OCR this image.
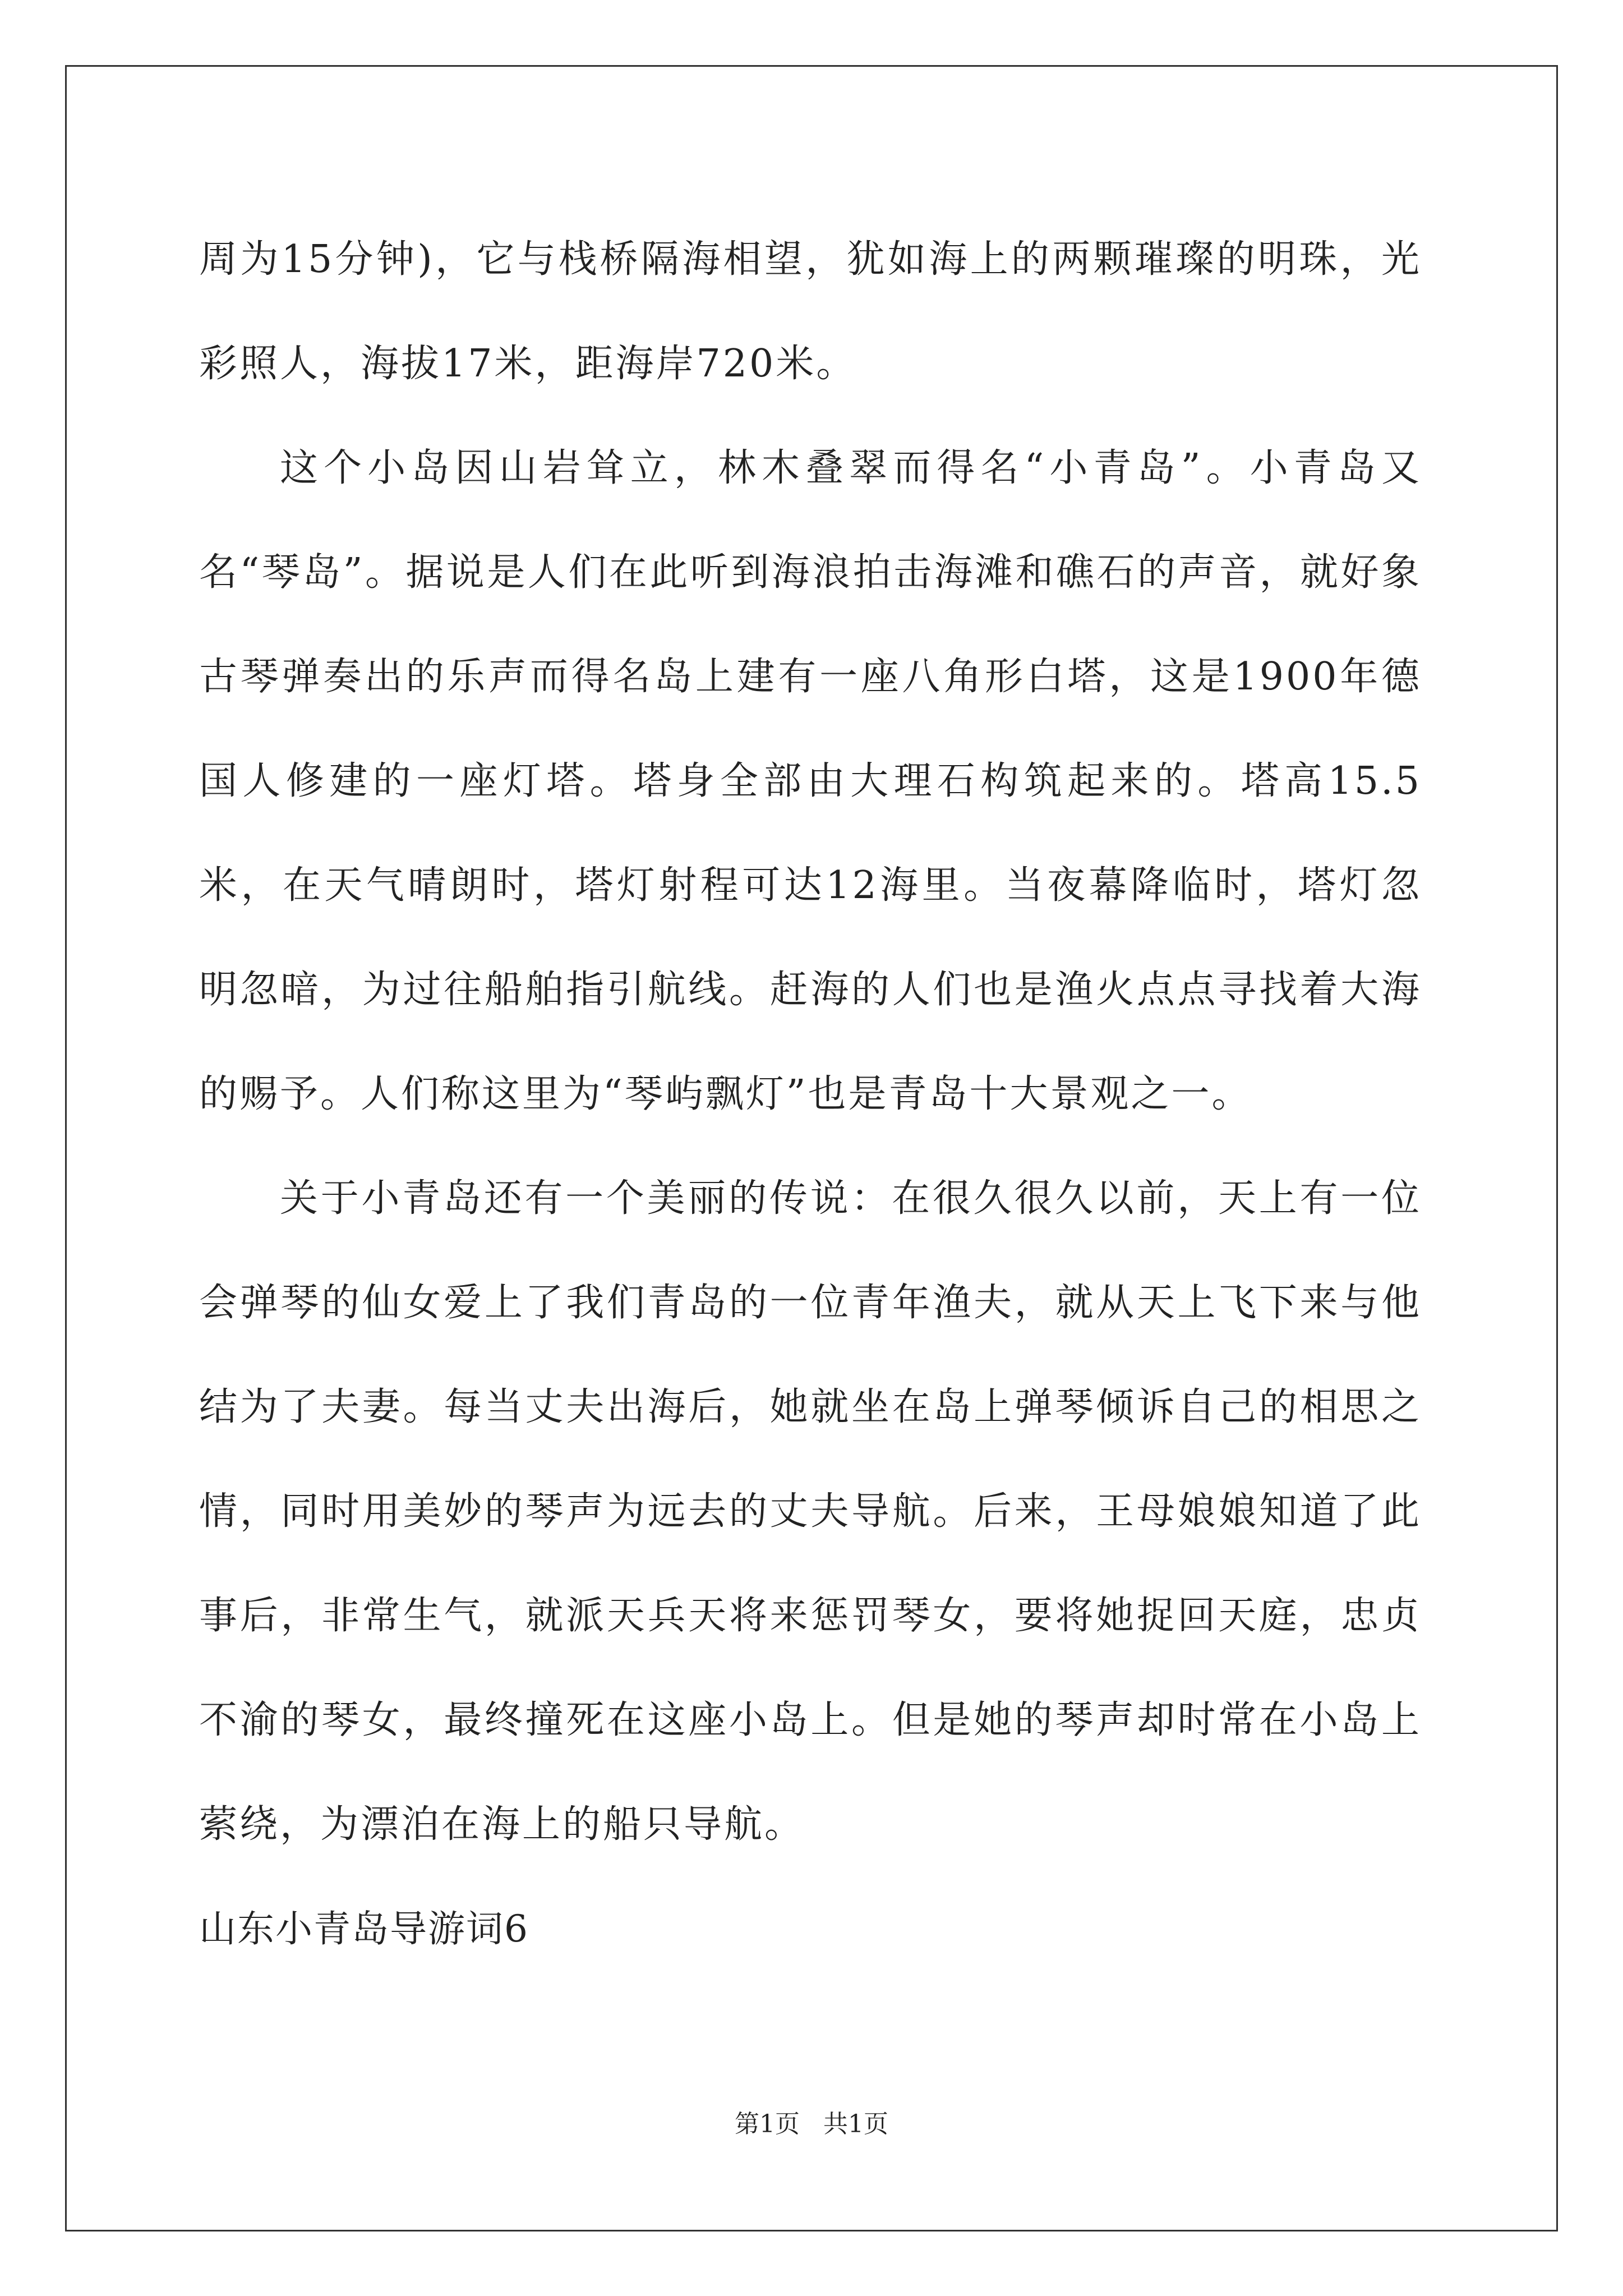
周为15分钟)，它与栈桥隔海相望，犹如海上的两颗璀璨的明珠，光彩照人，海拔17米，距海岸720米。

这个小岛因山岩耸立，林木叠翠而得名“小青岛”。小青岛又名“琴岛”。据说是人们在此听到海浪拍击海滩和礁石的声音，就好象古琴弹奏出的乐声而得名岛上建有一座八角形白塔，这是1900年德国人修建的一座灯塔。塔身全部由大理石构筑起来的。塔高15.5米，在天气晴朗时，塔灯射程可达12海里。当夜幕降临时，塔灯忽明忽暗，为过往船舶指引航线。赶海的人们也是渔火点点寻找着大海的赐予。人们称这里为“琴屿飘灯”也是青岛十大景观之一。

关于小青岛还有一个美丽的传说：在很久很久以前，天上有一位会弹琴的仙女爱上了我们青岛的一位青年渔夫，就从天上飞下来与他结为了夫妻。每当丈夫出海后，她就坐在岛上弹琴倾诉自己的相思之情，同时用美妙的琴声为远去的丈夫导航。后来，王母娘娘知道了此事后，非常生气，就派天兵天将来惩罚琴女，要将她捉回天庭，忠贞不渝的琴女，最终撞死在这座小岛上。但是她的琴声却时常在小岛上萦绕，为漂泊在海上的船只导航。

山东小青岛导游词6

第1页 共1页
